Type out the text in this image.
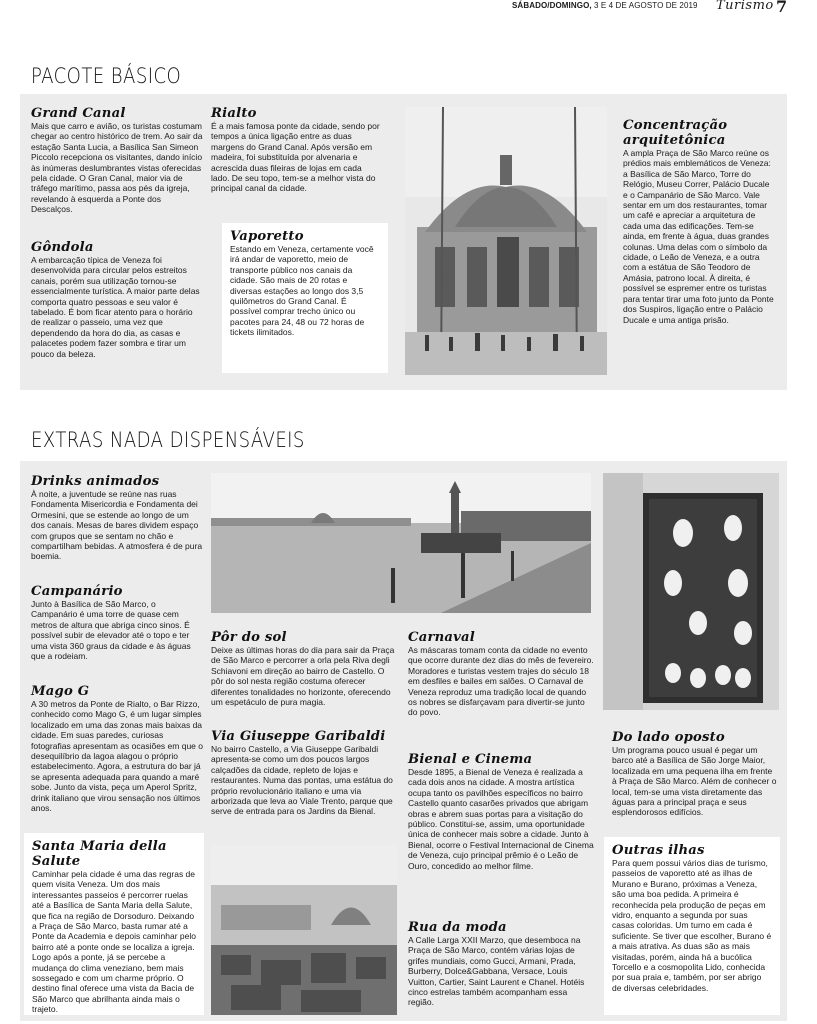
SÁBADO/DOMINGO, 3 E 4 DE AGOSTO DE 2019 Turismo 7
PACOTE BÁSICO
Grand Canal

Mais que carro e avião, os turistas costumam chegar ao centro histórico de trem. Ao sair da estação Santa Lucia, a Basílica San Simeon Piccolo recepciona os visitantes, dando início às inúmeras deslumbrantes vistas oferecidas pela cidade. O Gran Canal, maior via de tráfego marítimo, passa aos pés da igreja, revelando à esquerda a Ponte dos Descalços.

Rialto

É a mais famosa ponte da cidade, sendo por tempos a única ligação entre as duas margens do Grand Canal. Após versão em madeira, foi substituída por alvenaria e acrescida duas fileiras de lojas em cada lado. De seu topo, tem-se a melhor vista do principal canal da cidade.

Gôndola

A embarcação típica de Veneza foi desenvolvida para circular pelos estreitos canais, porém sua utilização tornou-se essencialmente turística. A maior parte delas comporta quatro pessoas e seu valor é tabelado. É bom ficar atento para o horário de realizar o passeio, uma vez que dependendo da hora do dia, as casas e palacetes podem fazer sombra e tirar um pouco da beleza.

Vaporetto

Estando em Veneza, certamente você irá andar de vaporetto, meio de transporte público nos canais da cidade. São mais de 20 rotas e diversas estações ao longo dos 3,5 quilômetros do Grand Canal. É possível comprar trecho único ou pacotes para 24, 48 ou 72 horas de tickets ilimitados.

Concentração arquitetônica

A ampla Praça de São Marco reúne os prédios mais emblemáticos de Veneza: a Basílica de São Marco, Torre do Relógio, Museu Correr, Palácio Ducale e o Campanário de São Marco. Vale sentar em um dos restaurantes, tomar um café e apreciar a arquitetura de cada uma das edificações. Tem-se ainda, em frente à água, duas grandes colunas. Uma delas com o símbolo da cidade, o Leão de Veneza, e a outra com a estátua de São Teodoro de Amásia, patrono local. À direita, é possível se espremer entre os turistas para tentar tirar uma foto junto da Ponte dos Suspiros, ligação entre o Palácio Ducale e uma antiga prisão.

EXTRAS NADA DISPENSÁVEIS
Drinks animados

À noite, a juventude se reúne nas ruas Fondamenta Misericordia e Fondamenta dei Ormesini, que se estende ao longo de um dos canais. Mesas de bares dividem espaço com grupos que se sentam no chão e compartilham bebidas. A atmosfera é de pura boemia.

Campanário

Junto à Basílica de São Marco, o Campanário é uma torre de quase cem metros de altura que abriga cinco sinos. É possível subir de elevador até o topo e ter uma vista 360 graus da cidade e às águas que a rodeiam.

Mago G

A 30 metros da Ponte de Rialto, o Bar Rizzo, conhecido como Mago G, é um lugar simples localizado em uma das zonas mais baixas da cidade. Em suas paredes, curiosas fotografias apresentam as ocasiões em que o desequilíbrio da lagoa alagou o próprio estabelecimento. Agora, a estrutura do bar já se apresenta adequada para quando a maré sobe. Junto da vista, peça um Aperol Spritz, drink italiano que virou sensação nos últimos anos.

Santa Maria della Salute

Caminhar pela cidade é uma das regras de quem visita Veneza. Um dos mais interessantes passeios é percorrer ruelas até a Basílica de Santa Maria della Salute, que fica na região de Dorsoduro. Deixando a Praça de São Marco, basta rumar até a Ponte da Academia e depois caminhar pelo bairro até a ponte onde se localiza a igreja. Logo após a ponte, já se percebe a mudança do clima veneziano, bem mais sossegado e com um charme próprio. O destino final oferece uma vista da Bacia de São Marco que abrilhanta ainda mais o trajeto.

Pôr do sol

Deixe as últimas horas do dia para sair da Praça de São Marco e percorrer a orla pela Riva degli Schiavoni em direção ao bairro de Castello. O pôr do sol nesta região costuma oferecer diferentes tonalidades no horizonte, oferecendo um espetáculo de pura magia.

Carnaval

As máscaras tomam conta da cidade no evento que ocorre durante dez dias do mês de fevereiro. Moradores e turistas vestem trajes do século 18 em desfiles e bailes em salões. O Carnaval de Veneza reproduz uma tradição local de quando os nobres se disfarçavam para divertir-se junto do povo.

Via Giuseppe Garibaldi

No bairro Castello, a Via Giuseppe Garibaldi apresenta-se como um dos poucos largos calçadões da cidade, repleto de lojas e restaurantes. Numa das pontas, uma estátua do próprio revolucionário italiano e uma via arborizada que leva ao Viale Trento, parque que serve de entrada para os Jardins da Bienal.

Bienal e Cinema

Desde 1895, a Bienal de Veneza é realizada a cada dois anos na cidade. A mostra artística ocupa tanto os pavilhões específicos no bairro Castello quanto casarões privados que abrigam obras e abrem suas portas para a visitação do público. Constitui-se, assim, uma oportunidade única de conhecer mais sobre a cidade. Junto à Bienal, ocorre o Festival Internacional de Cinema de Veneza, cujo principal prêmio é o Leão de Ouro, concedido ao melhor filme.

Rua da moda

A Calle Larga XXII Marzo, que desemboca na Praça de São Marco, contém várias lojas de grifes mundiais, como Gucci, Armani, Prada, Burberry, Dolce&Gabbana, Versace, Louis Vuitton, Cartier, Saint Laurent e Chanel. Hotéis cinco estrelas também acompanham essa região.

Do lado oposto

Um programa pouco usual é pegar um barco até a Basílica de São Jorge Maior, localizada em uma pequena ilha em frente à Praça de São Marco. Além de conhecer o local, tem-se uma vista diretamente das águas para a principal praça e seus esplendorosos edifícios.

Outras ilhas

Para quem possui vários dias de turismo, passeios de vaporetto até as ilhas de Murano e Burano, próximas a Veneza, são uma boa pedida. A primeira é reconhecida pela produção de peças em vidro, enquanto a segunda por suas casas coloridas. Um turno em cada é suficiente. Se tiver que escolher, Burano é a mais atrativa. As duas são as mais visitadas, porém, ainda há a bucólica Torcello e a cosmopolita Lido, conhecida por sua praia e, também, por ser abrigo de diversas celebridades.
